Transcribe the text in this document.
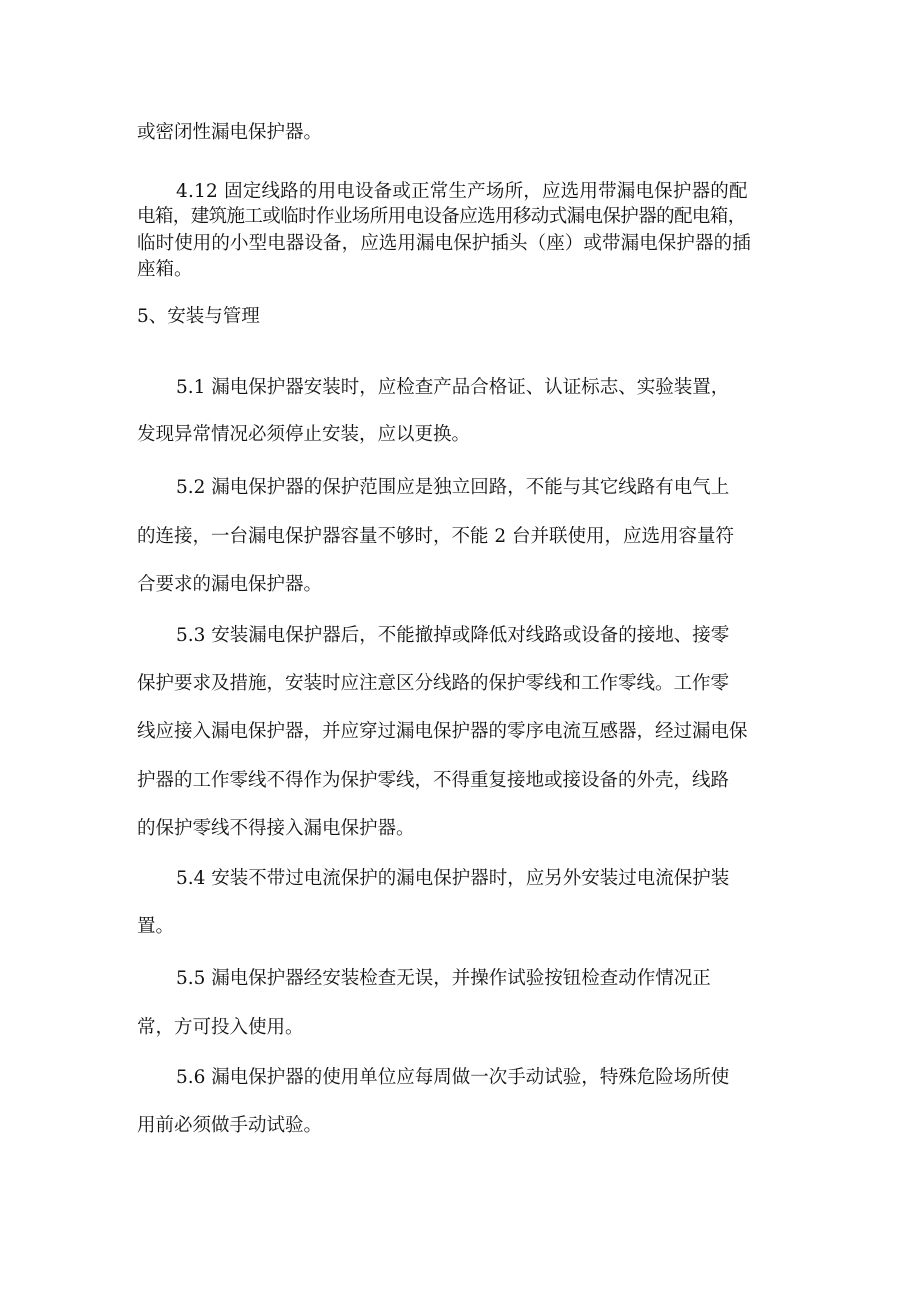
或密闭性漏电保护器。

4.12 固定线路的用电设备或正常生产场所，应选用带漏电保护器的配

电箱，建筑施工或临时作业场所用电设备应选用移动式漏电保护器的配电箱，

临时使用的小型电器设备，应选用漏电保护插头（座）或带漏电保护器的插

座箱。

5、安装与管理

5.1 漏电保护器安装时，应检查产品合格证、认证标志、实验装置，

发现异常情况必须停止安装，应以更换。

5.2 漏电保护器的保护范围应是独立回路，不能与其它线路有电气上

的连接，一台漏电保护器容量不够时，不能 2 台并联使用，应选用容量符

合要求的漏电保护器。

5.3 安装漏电保护器后，不能撤掉或降低对线路或设备的接地、接零

保护要求及措施，安装时应注意区分线路的保护零线和工作零线。工作零

线应接入漏电保护器，并应穿过漏电保护器的零序电流互感器，经过漏电保

护器的工作零线不得作为保护零线，不得重复接地或接设备的外壳，线路

的保护零线不得接入漏电保护器。

5.4 安装不带过电流保护的漏电保护器时，应另外安装过电流保护装

置。

5.5 漏电保护器经安装检查无误，并操作试验按钮检查动作情况正

常，方可投入使用。

5.6 漏电保护器的使用单位应每周做一次手动试验，特殊危险场所使

用前必须做手动试验。
